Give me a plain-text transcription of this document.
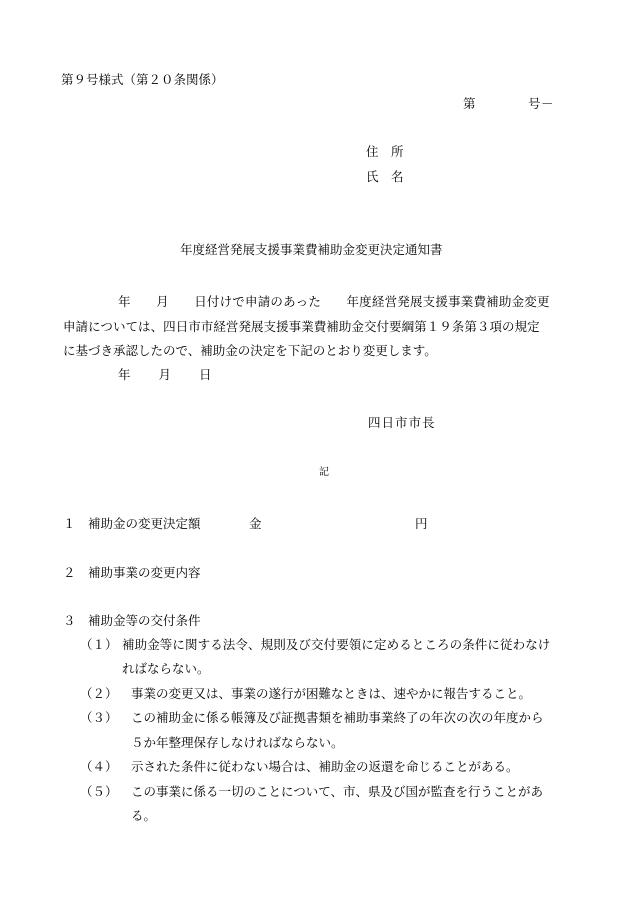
第９号様式（第２０条関係）

第　　　　号－

住　所

氏　名

年度経営発展支援事業費補助金変更決定通知書

年　　月　　日付けで申請のあった　　年度経営発展支援事業費補助金変更

申請については、四日市市経営発展支援事業費補助金交付要綱第１９条第３項の規定

に基づき承認したので、補助金の決定を下記のとおり変更します。

年　　月　　日

四日市市長

記

１　補助金の変更決定額	金	円

２　補助事業の変更内容

３　補助金等の交付条件

（１） 補助金等に関する法令、規則及び交付要領に定めるところの条件に従わなけ

ればならない。

（２） 事業の変更又は、事業の遂行が困難なときは、速やかに報告すること。

（３） この補助金に係る帳簿及び証拠書類を補助事業終了の年次の次の年度から

５か年整理保存しなければならない。

（４） 示された条件に従わない場合は、補助金の返還を命じることがある。

（５） この事業に係る一切のことについて、市、県及び国が監査を行うことがあ

る。
